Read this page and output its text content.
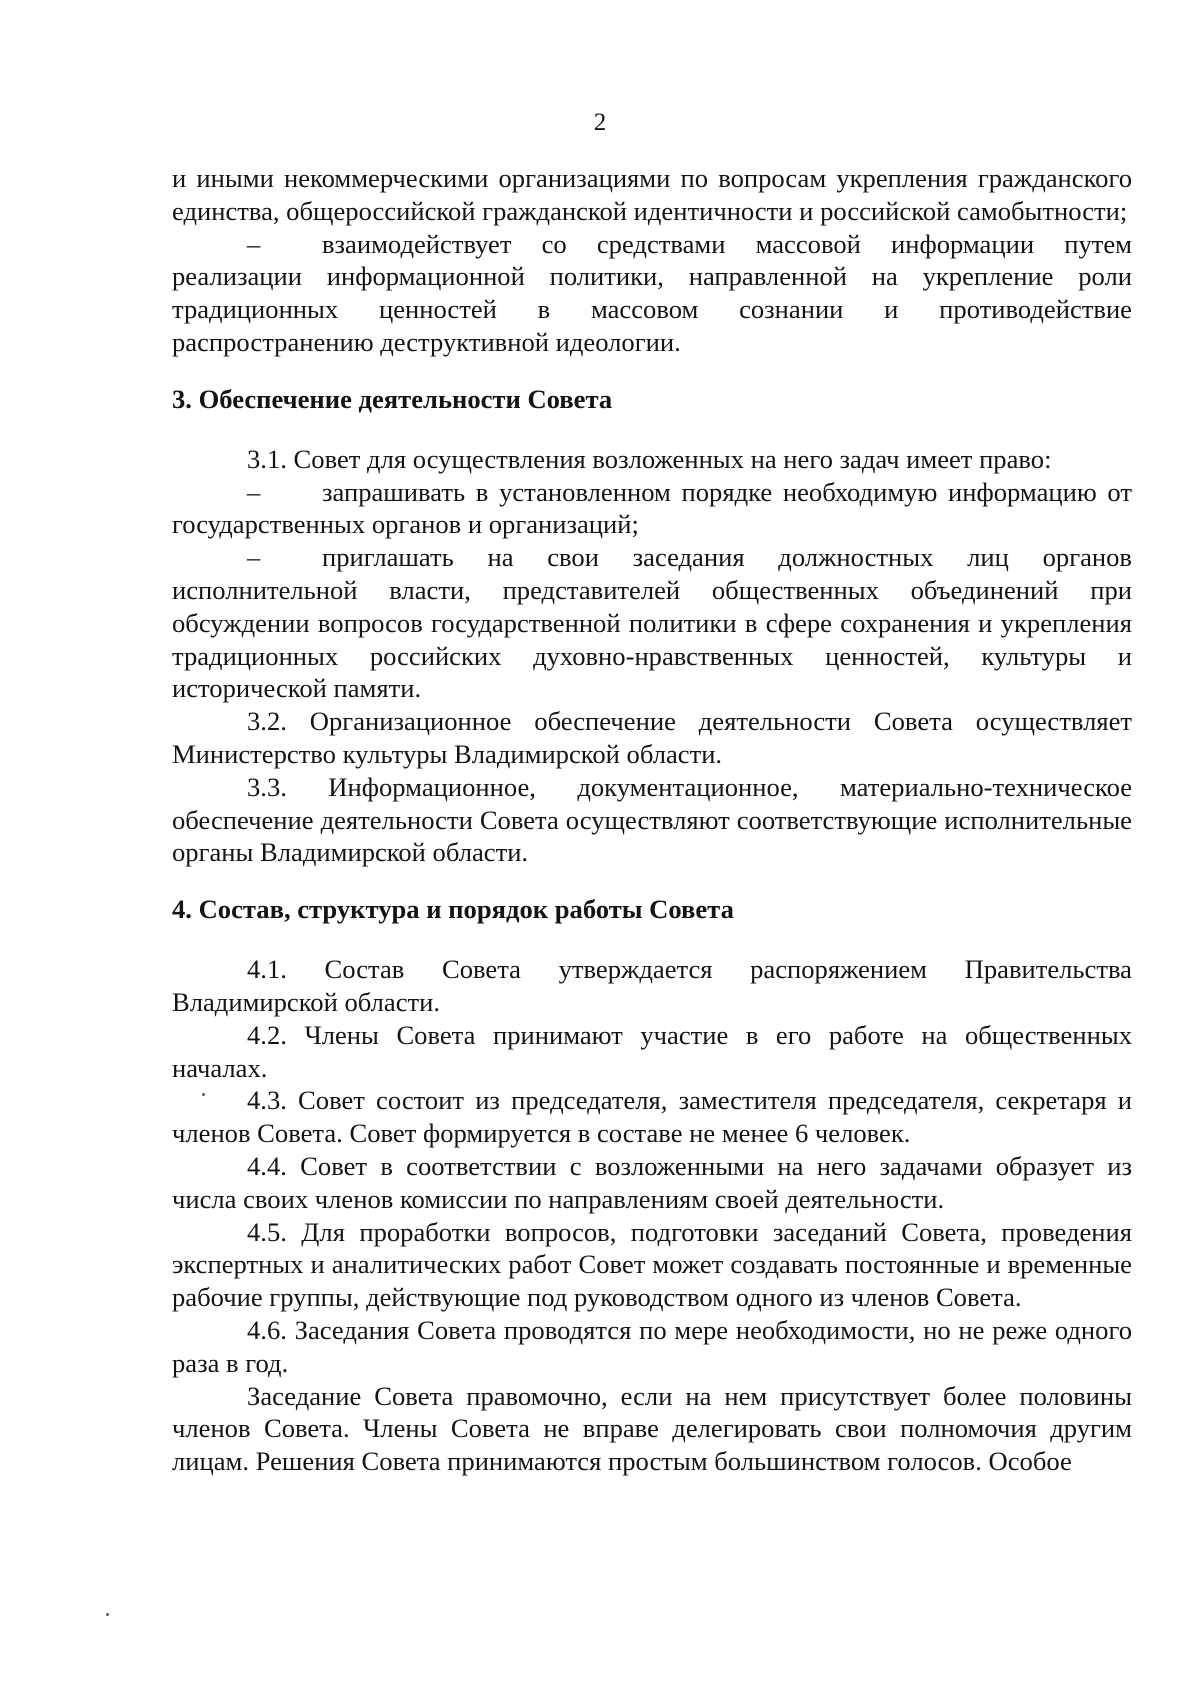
2

и иными некоммерческими организациями по вопросам укрепления гражданского единства, общероссийской гражданской идентичности и российской самобытности;

– взаимодействует со средствами массовой информации путем реализации информационной политики, направленной на укрепление роли традиционных ценностей в массовом сознании и противодействие распространению деструктивной идеологии.

3. Обеспечение деятельности Совета

3.1. Совет для осуществления возложенных на него задач имеет право:

– запрашивать в установленном порядке необходимую информацию от государственных органов и организаций;

– приглашать на свои заседания должностных лиц органов исполнительной власти, представителей общественных объединений при обсуждении вопросов государственной политики в сфере сохранения и укрепления традиционных российских духовно-нравственных ценностей, культуры и исторической памяти.

3.2. Организационное обеспечение деятельности Совета осуществляет Министерство культуры Владимирской области.

3.3. Информационное, документационное, материально-техническое обеспечение деятельности Совета осуществляют соответствующие исполнительные органы Владимирской области.

4. Состав, структура и порядок работы Совета

4.1. Состав Совета утверждается распоряжением Правительства Владимирской области.

4.2. Члены Совета принимают участие в его работе на общественных началах.

4.3. Совет состоит из председателя, заместителя председателя, секретаря и членов Совета. Совет формируется в составе не менее 6 человек.

4.4. Совет в соответствии с возложенными на него задачами образует из числа своих членов комиссии по направлениям своей деятельности.

4.5. Для проработки вопросов, подготовки заседаний Совета, проведения экспертных и аналитических работ Совет может создавать постоянные и временные рабочие группы, действующие под руководством одного из членов Совета.

4.6. Заседания Совета проводятся по мере необходимости, но не реже одного раза в год.

Заседание Совета правомочно, если на нем присутствует более половины членов Совета. Члены Совета не вправе делегировать свои полномочия другим лицам. Решения Совета принимаются простым большинством голосов. Особое
